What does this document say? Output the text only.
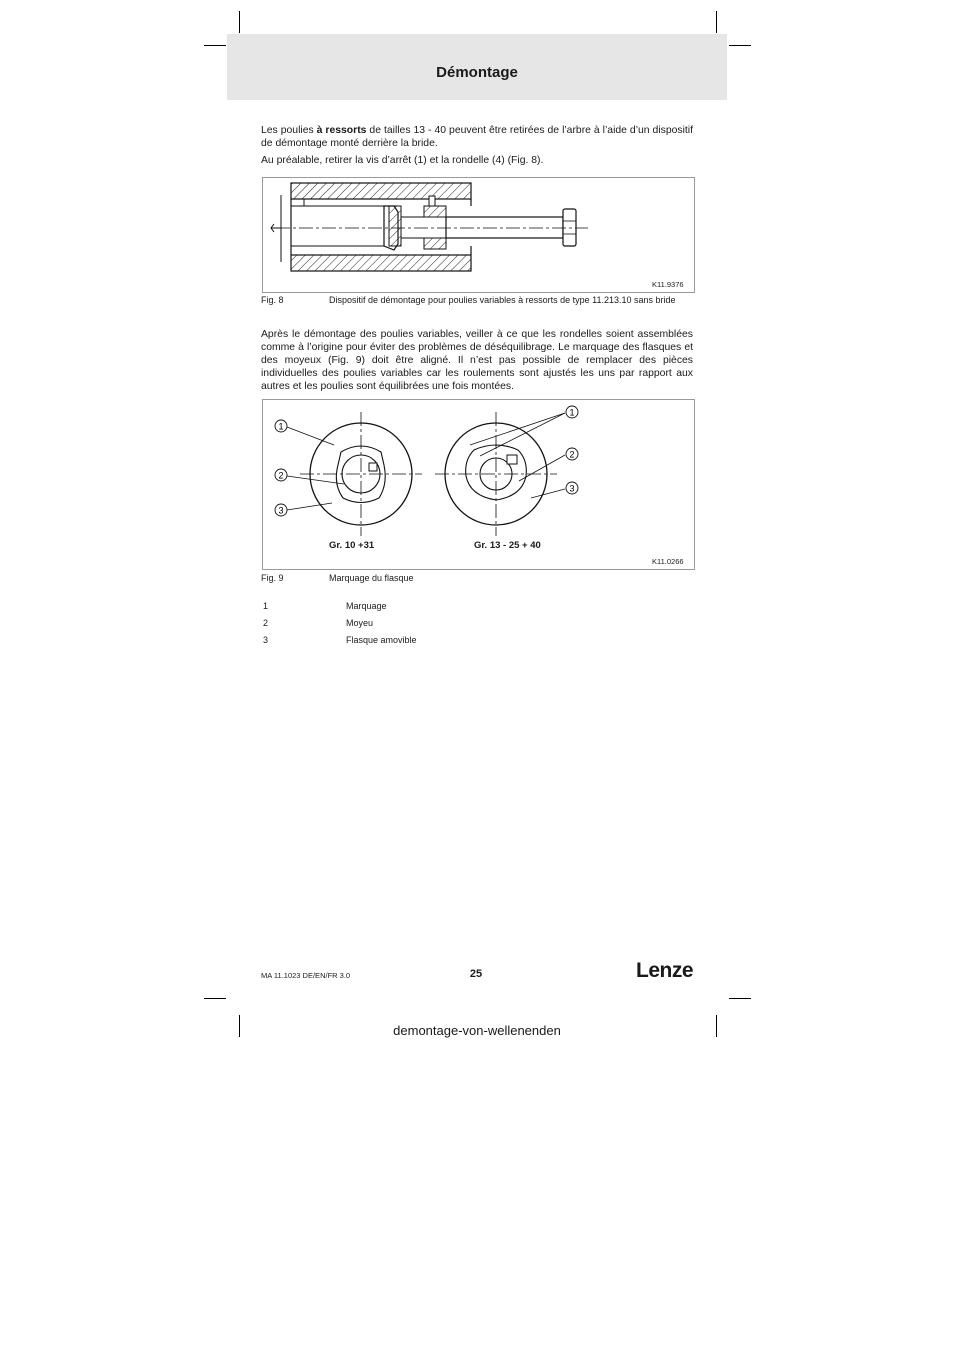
Démontage

Les poulies à ressorts de tailles 13 - 40 peuvent être retirées de l’arbre à l’aide d’un dispositif de démontage monté derrière la bride.

Au préalable, retirer la vis d’arrêt (1) et la rondelle (4) (Fig. 8).

K11.9376
Fig. 8	Dispositif de démontage pour poulies variables à ressorts de type 11.213.10 sans bride

Après le démontage des poulies variables, veiller à ce que les rondelles soient assemblées comme à l’origine pour éviter des problèmes de déséquilibrage. Le marquage des flasques et des moyeux (Fig. 9) doit être aligné. Il n’est pas possible de remplacer des pièces individuelles des poulies variables car les roulements sont ajustés les uns par rapport aux autres et les poulies sont équilibrées une fois montées.

1
2
3
1
2
3
Gr. 10 +31	Gr. 13 - 25 + 40
K11.0266
Fig. 9	Marquage du flasque
1	Marquage
2	Moyeu
3	Flasque amovible
MA 11.1023 DE/EN/FR 3.0	25	Lenze
demontage-von-wellenenden
